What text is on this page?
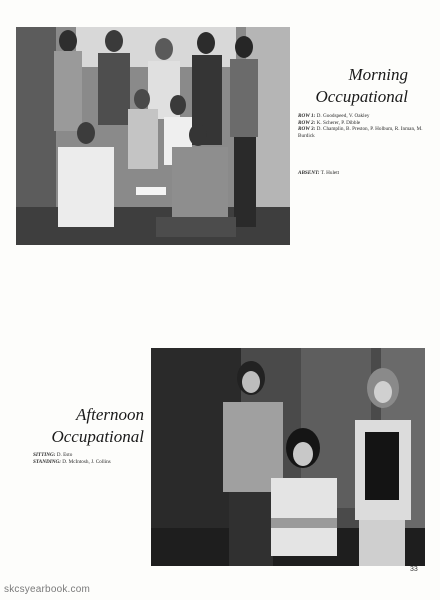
Morning
Occupational
ROW 1: D. Goodspeed, V. Oakley
ROW 2: K. Scherer, P. Dibble
ROW 3: D. Champlin, B. Preston, P. Holbum, R. Inman, M. Burdick
ABSENT: T. Hulett
Afternoon
Occupational
SITTING: D. Esto
STANDING: D. McIntosh, J. Collins
33
skcsyearbook.com
